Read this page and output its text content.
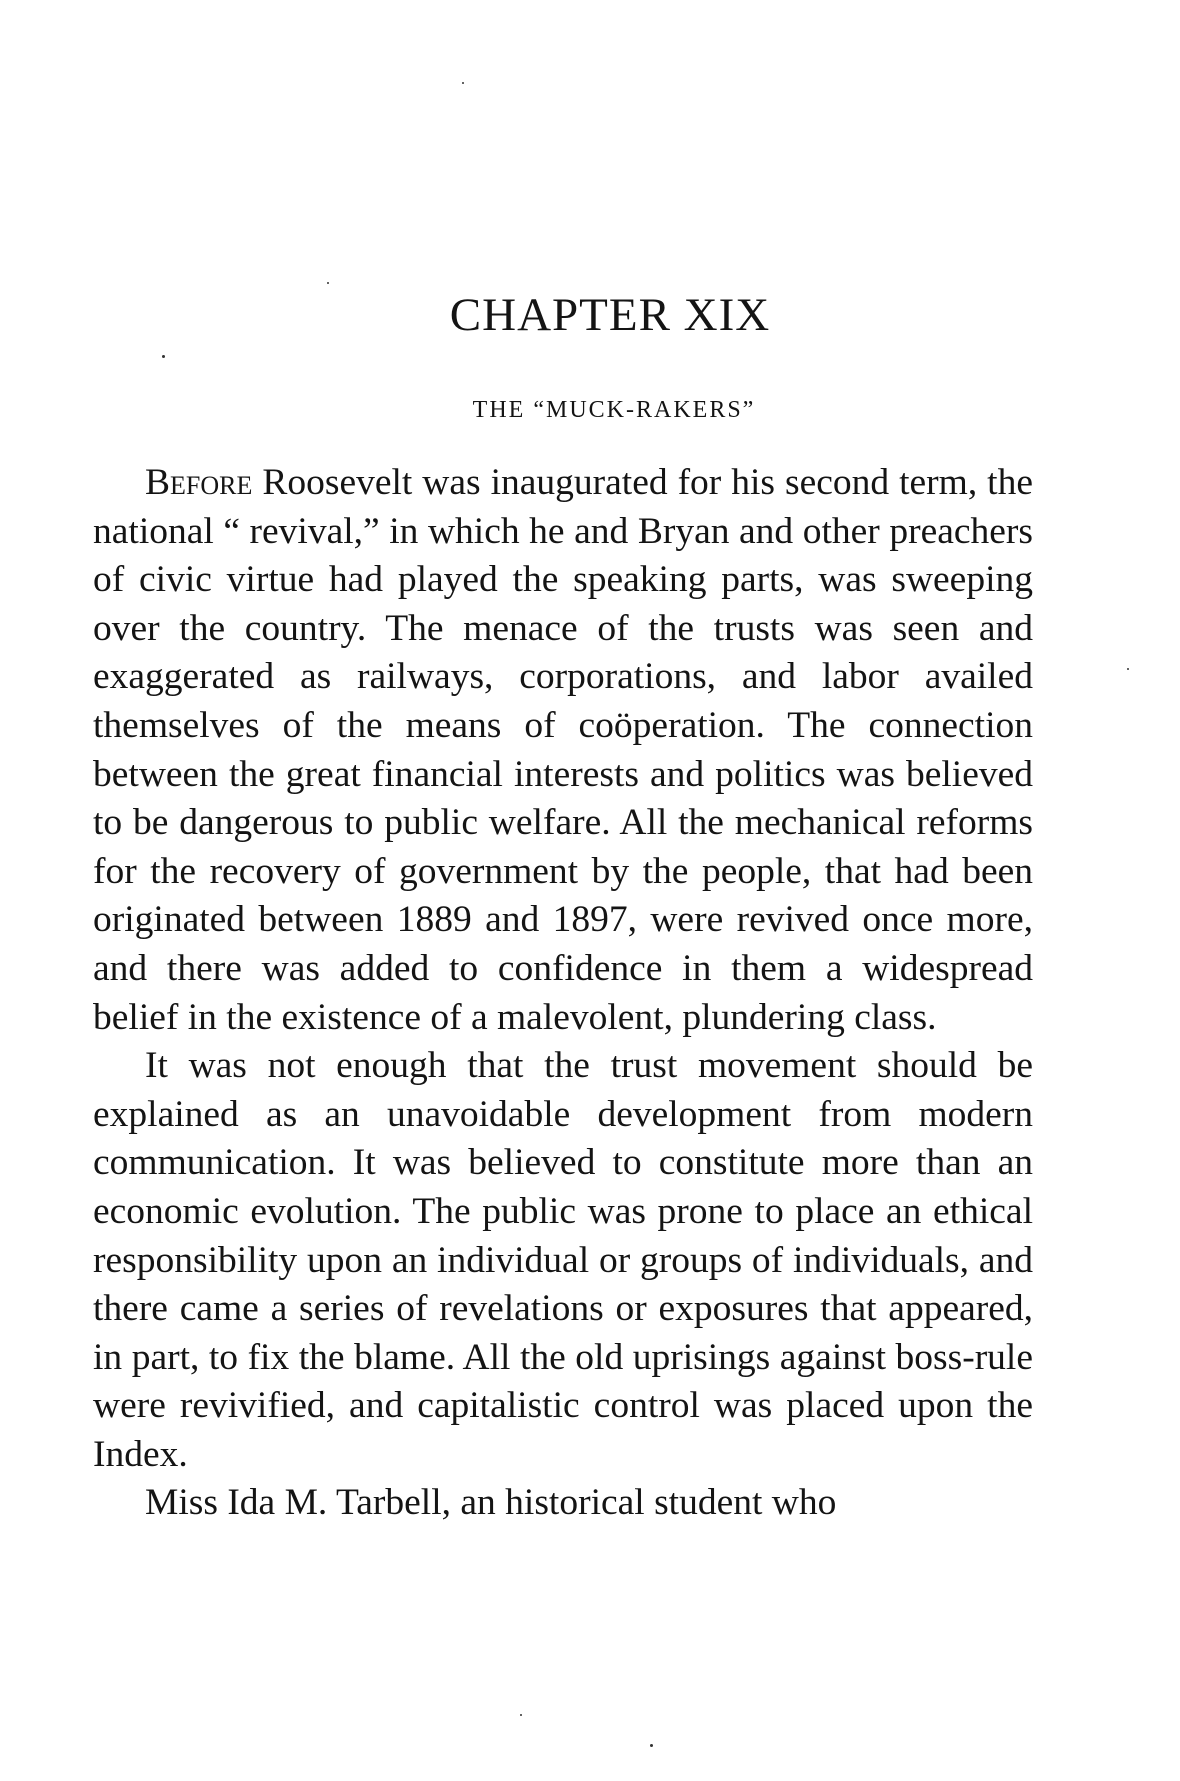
CHAPTER XIX
THE “MUCK-RAKERS”

Before Roosevelt was inaugurated for his second term, the national “ revival,” in which he and Bryan and other preachers of civic virtue had played the speaking parts, was sweeping over the country. The menace of the trusts was seen and exaggerated as railways, corporations, and labor availed themselves of the means of coöperation. The connection between the great financial interests and politics was believed to be dangerous to public welfare. All the mechanical reforms for the recovery of government by the people, that had been originated between 1889 and 1897, were revived once more, and there was added to confidence in them a widespread belief in the existence of a malevolent, plundering class.

It was not enough that the trust movement should be explained as an unavoidable development from modern communication. It was believed to constitute more than an economic evolution. The public was prone to place an ethical responsibility upon an individual or groups of individuals, and there came a series of revelations or exposures that appeared, in part, to fix the blame. All the old uprisings against boss-rule were revivified, and capitalistic control was placed upon the Index.

Miss Ida M. Tarbell, an historical student who
